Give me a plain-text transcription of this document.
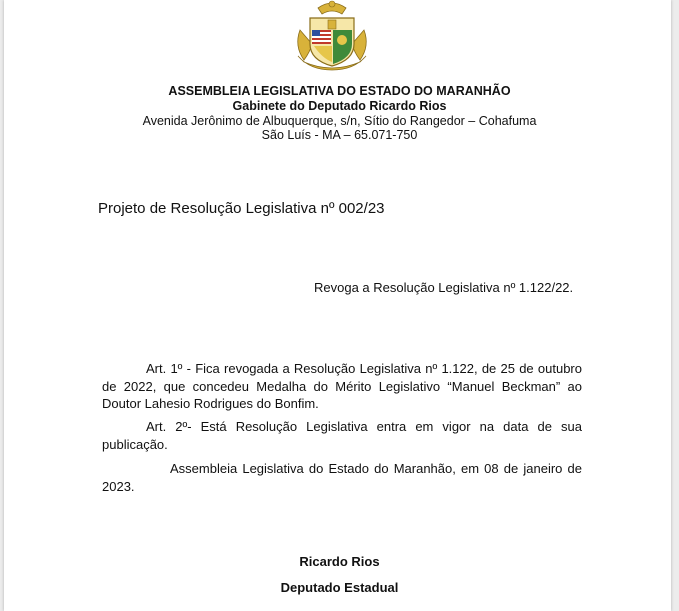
ASSEMBLEIA LEGISLATIVA DO ESTADO DO MARANHÃO
Gabinete do Deputado Ricardo Rios
Avenida Jerônimo de Albuquerque, s/n, Sítio do Rangedor – Cohafuma
São Luís - MA – 65.071-750
Projeto de Resolução Legislativa nº 002/23
Revoga a Resolução Legislativa nº 1.122/22.
Art. 1º - Fica revogada a Resolução Legislativa nº 1.122, de 25 de outubro de 2022, que concedeu Medalha do Mérito Legislativo “Manuel Beckman” ao Doutor Lahesio Rodrigues do Bonfim.
Art. 2º- Está Resolução Legislativa entra em vigor na data de sua publicação.
Assembleia Legislativa do Estado do Maranhão, em 08 de janeiro de 2023.
Ricardo Rios
Deputado Estadual
